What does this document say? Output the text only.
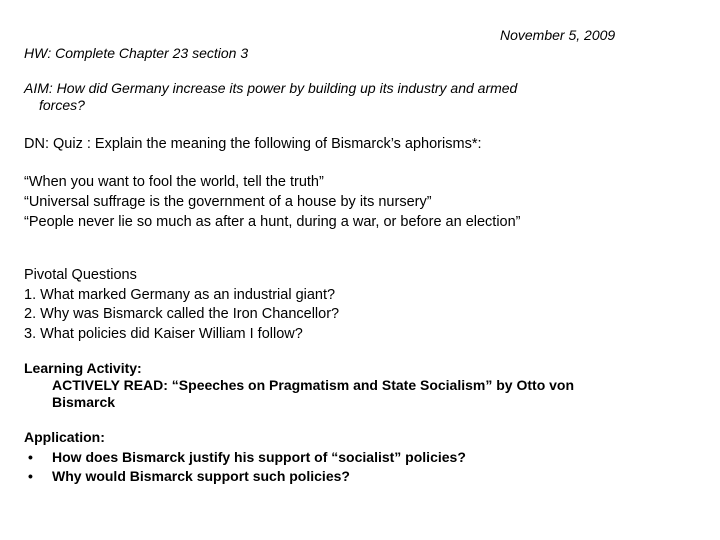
November 5, 2009
HW: Complete Chapter 23 section 3
AIM: How did Germany increase its power by building up its industry and armed
forces?
DN: Quiz : Explain the meaning the following of Bismarck’s aphorisms*:
“When you want to fool the world, tell the truth”
“Universal suffrage is the government of a house by its nursery”
“People never lie so much as after a hunt, during a war, or before an election”
Pivotal Questions
1. What marked Germany as an industrial giant?
2. Why was Bismarck called the Iron Chancellor?
3. What policies did Kaiser William I follow?
Learning Activity:
ACTIVELY READ: “Speeches on Pragmatism and State Socialism” by Otto von
Bismarck
Application:
•	How does Bismarck justify his support of “socialist” policies?
•	Why would Bismarck support such policies?
